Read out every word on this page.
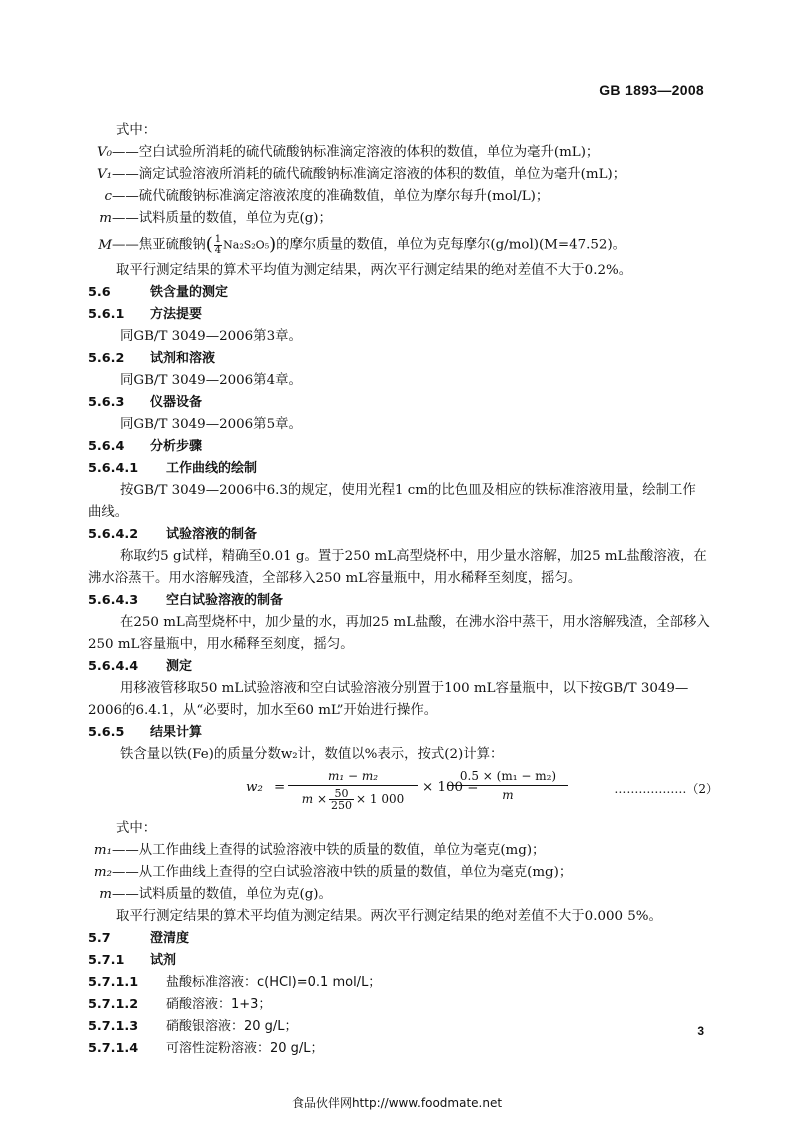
GB 1893—2008
式中：
V₀——空白试验所消耗的硫代硫酸钠标准滴定溶液的体积的数值，单位为毫升(mL)；
V₁——滴定试验溶液所消耗的硫代硫酸钠标准滴定溶液的体积的数值，单位为毫升(mL)；
c——硫代硫酸钠标准滴定溶液浓度的准确数值，单位为摩尔每升(mol/L)；
m——试料质量的数值，单位为克(g)；
M——焦亚硫酸钠( $\frac{1}{4} Na_2S_2O_5$)的摩尔质量的数值，单位为克每摩尔(g/mol)(M=47.52)。
取平行测定结果的算术平均值为测定结果，两次平行测定结果的绝对差值不大于0.2%。
5.6	铁含量的测定
5.6.1 方法提要
同GB/T 3049—2006第3章。
5.6.2 试剂和溶液
同GB/T 3049—2006第4章。
5.6.3 仪器设备
同GB/T 3049—2006第5章。
5.6.4 分析步骤
5.6.4.1 工作曲线的绘制
按GB/T 3049—2006中6.3的规定，使用光程1 cm的比色皿及相应的铁标准溶液用量，绘制工作
曲线。
5.6.4.2 试验溶液的制备
称取约5 g试样，精确至0.01 g。置于250 mL高型烧杯中，用少量水溶解，加25 mL盐酸溶液，在
沸水浴蒸干。用水溶解残渣，全部移入250 mL容量瓶中，用水稀释至刻度，摇匀。
5.6.4.3 空白试验溶液的制备
在250 mL高型烧杯中，加少量的水，再加25 mL盐酸，在沸水浴中蒸干，用水溶解残渣，全部移入
250 mL容量瓶中，用水稀释至刻度，摇匀。
5.6.4.4 测定
用移液管移取50 mL试验溶液和空白试验溶液分别置于100 mL容量瓶中，以下按GB/T 3049—
2006的6.4.1，从“必要时，加水至60 mL”开始进行操作。
5.6.5 结果计算
铁含量以铁(Fe)的质量分数w₂计，数值以%表示，按式(2)计算：
$w_2 = \frac{\text{m₁ − m₂}}{m \times \frac{50}{250} \times 1 000} \times 100$ =
$\frac{\text{0.5 × (m₁ − m₂)}}{m}$	………………（2）
式中：
m₁——从工作曲线上查得的试验溶液中铁的质量的数值，单位为毫克(mg)；
m₂——从工作曲线上查得的空白试验溶液中铁的质量的数值，单位为毫克(mg)；
m——试料质量的数值，单位为克(g)。
取平行测定结果的算术平均值为测定结果。两次平行测定结果的绝对差值不大于0.000 5%。
5.7	澄清度
5.7.1 试剂
5.7.1.1 盐酸标准溶液：c(HCl)=0.1 mol/L；
5.7.1.2 硝酸溶液：1+3；
5.7.1.3 硝酸银溶液：20 g/L；
5.7.1.4 可溶性淀粉溶液：20 g/L；
3
食品伙伴网http://www.foodmate.net
